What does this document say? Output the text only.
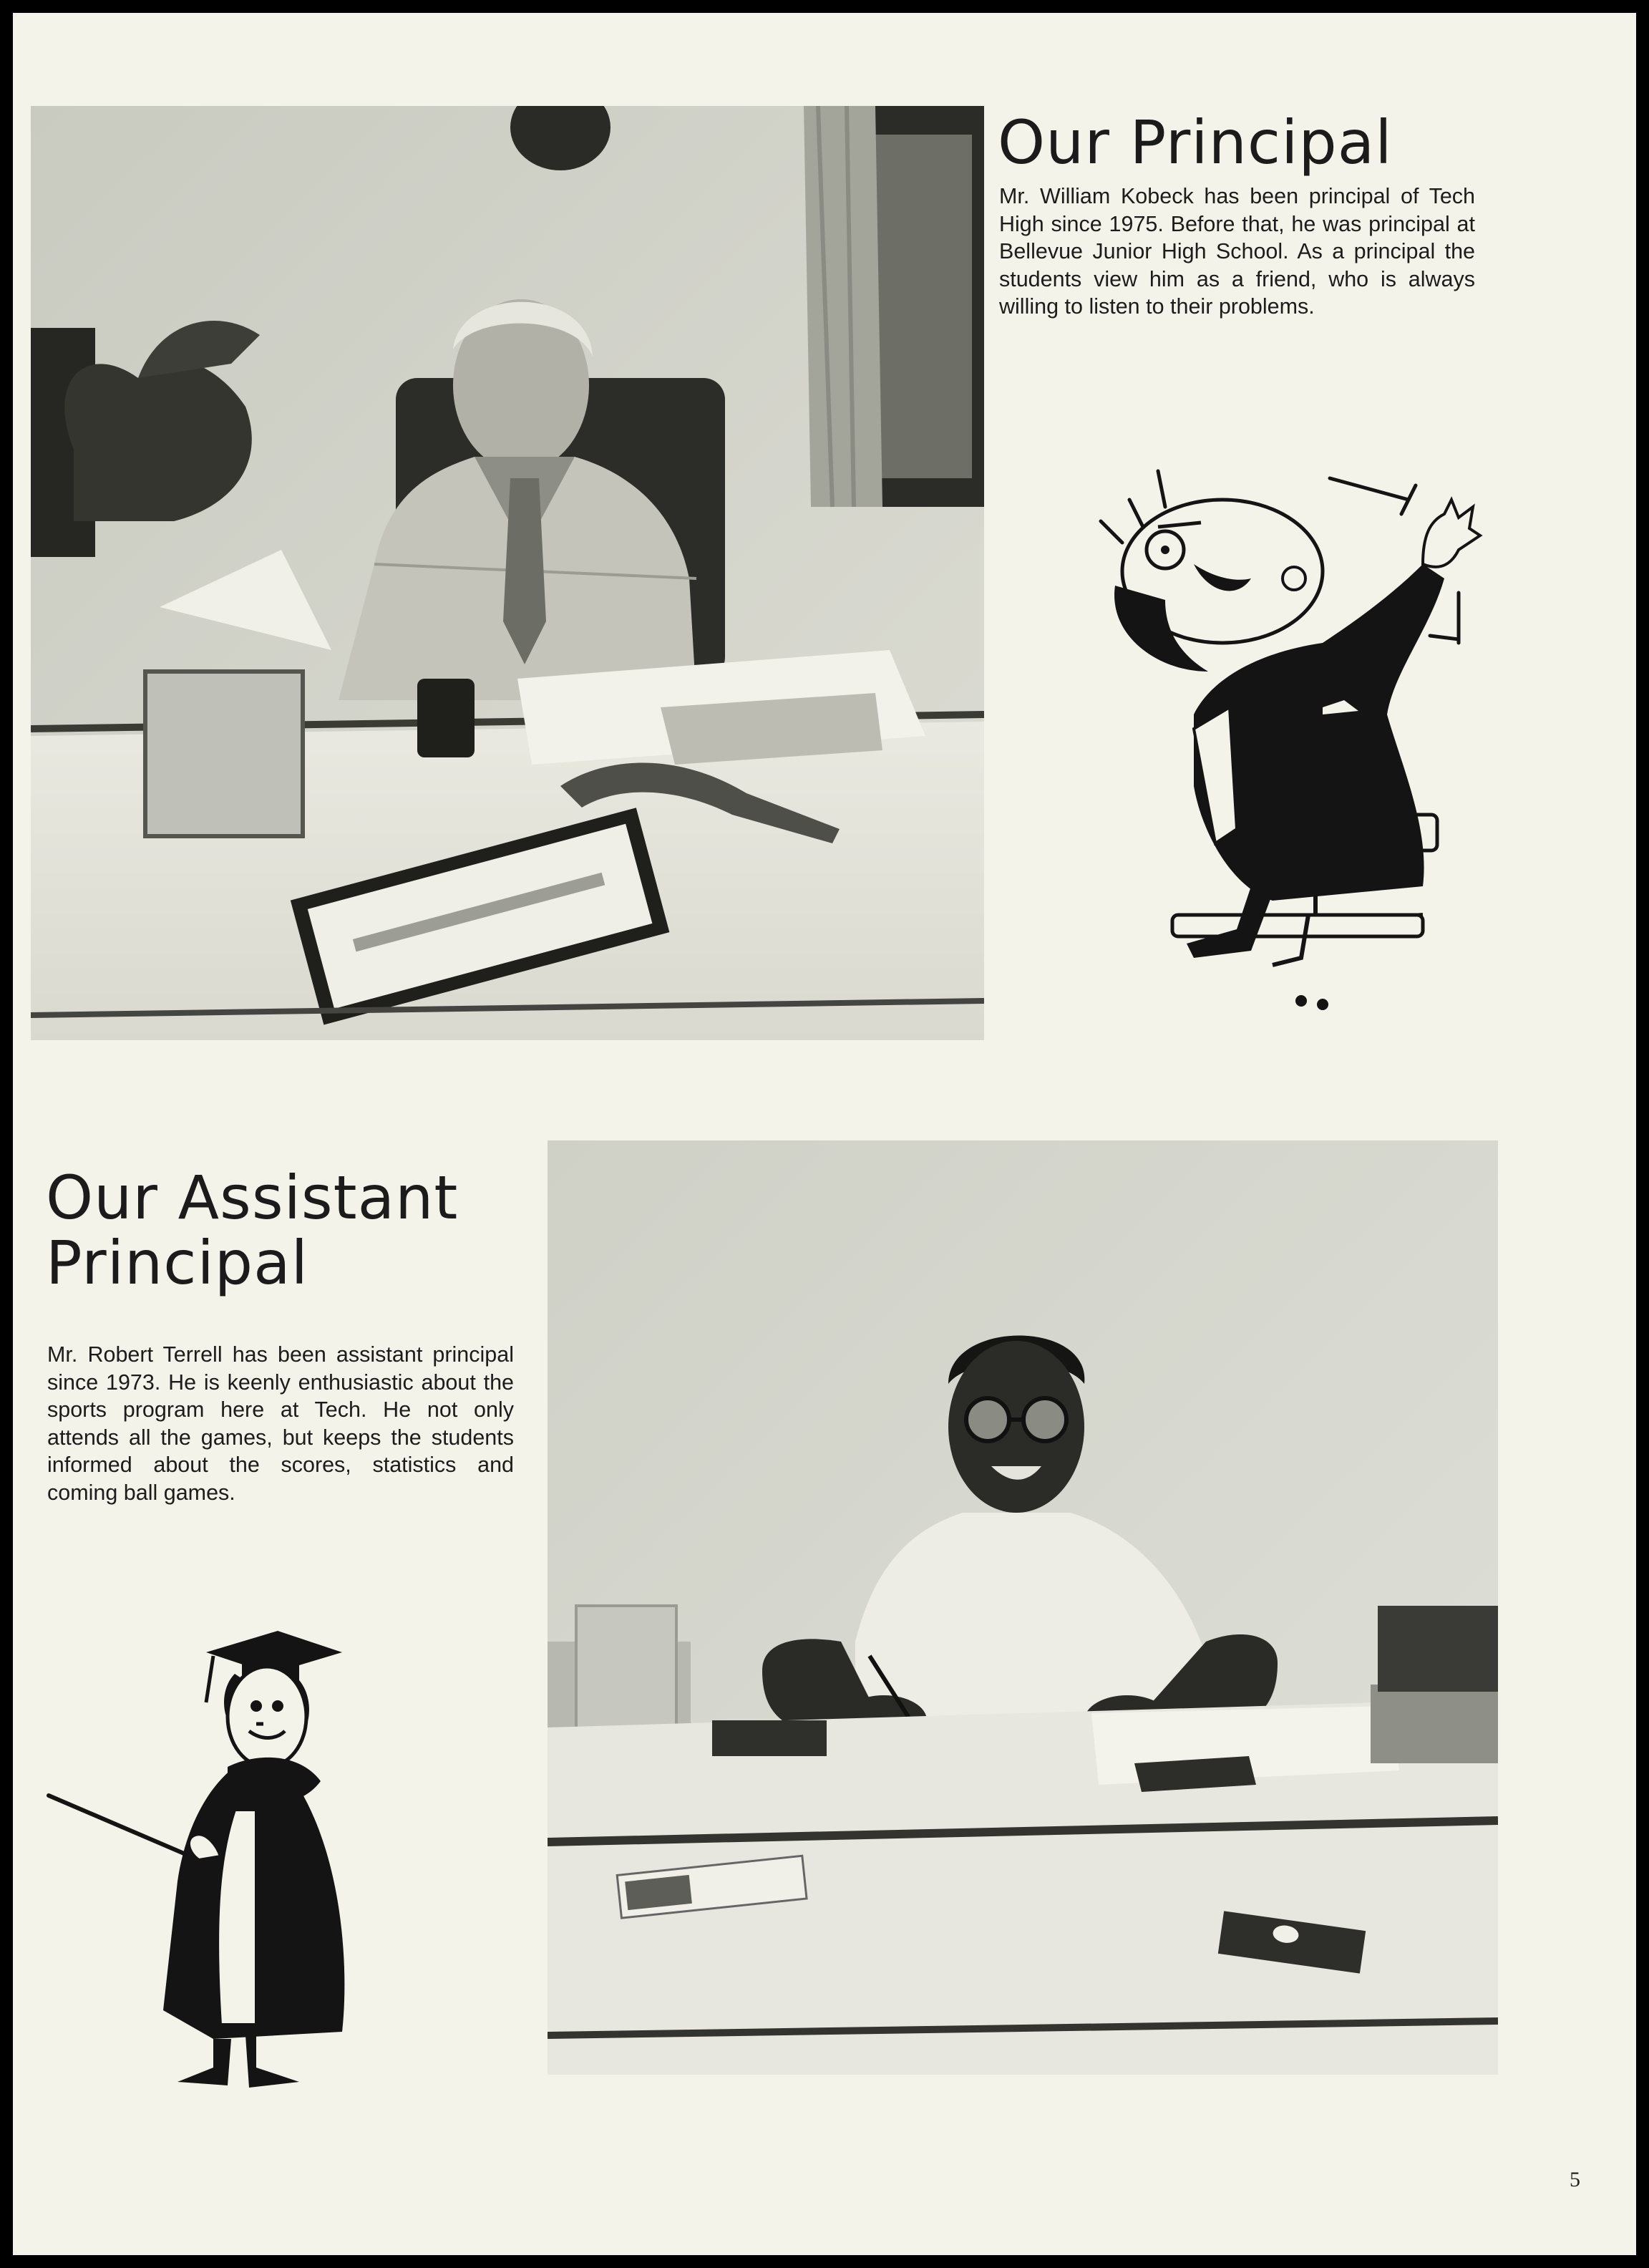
Our Principal

Mr. William Kobeck has been principal of Tech High since 1975. Before that, he was principal at Bellevue Junior High School. As a principal the students view him as a friend, who is always willing to listen to their problems.

Our Assistant
Principal

Mr. Robert Terrell has been assistant principal since 1973. He is keenly enthusiastic about the sports program here at Tech. He not only attends all the games, but keeps the students informed about the scores, statistics and coming ball games.

5
